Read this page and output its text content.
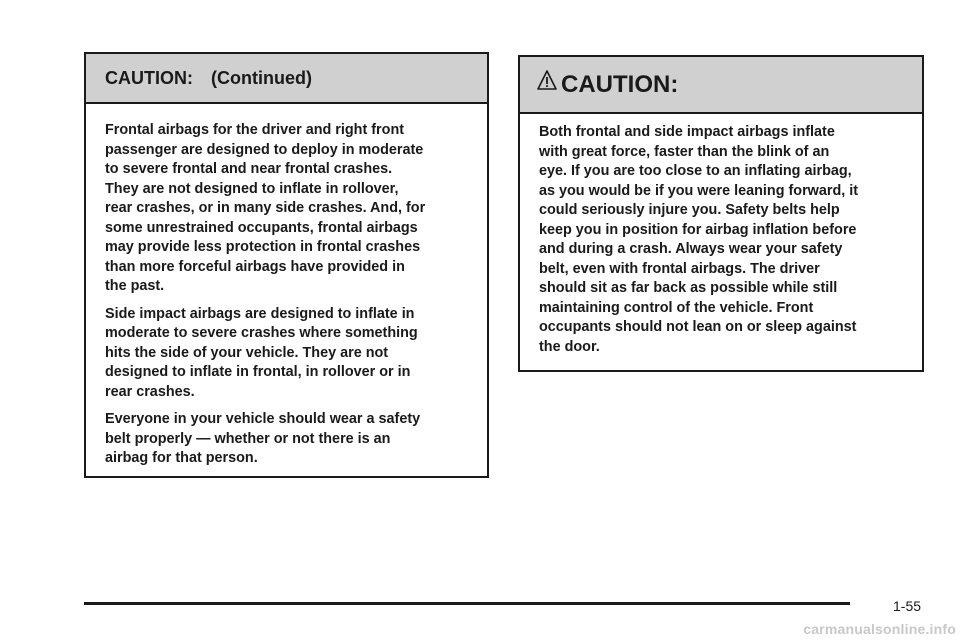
CAUTION: (Continued)

Frontal airbags for the driver and right front
passenger are designed to deploy in moderate
to severe frontal and near frontal crashes.
They are not designed to inflate in rollover,
rear crashes, or in many side crashes. And, for
some unrestrained occupants, frontal airbags
may provide less protection in frontal crashes
than more forceful airbags have provided in
the past.

Side impact airbags are designed to inflate in
moderate to severe crashes where something
hits the side of your vehicle. They are not
designed to inflate in frontal, in rollover or in
rear crashes.

Everyone in your vehicle should wear a safety
belt properly — whether or not there is an
airbag for that person.

CAUTION:

Both frontal and side impact airbags inflate
with great force, faster than the blink of an
eye. If you are too close to an inflating airbag,
as you would be if you were leaning forward, it
could seriously injure you. Safety belts help
keep you in position for airbag inflation before
and during a crash. Always wear your safety
belt, even with frontal airbags. The driver
should sit as far back as possible while still
maintaining control of the vehicle. Front
occupants should not lean on or sleep against
the door.

1-55
carmanualsonline.info
